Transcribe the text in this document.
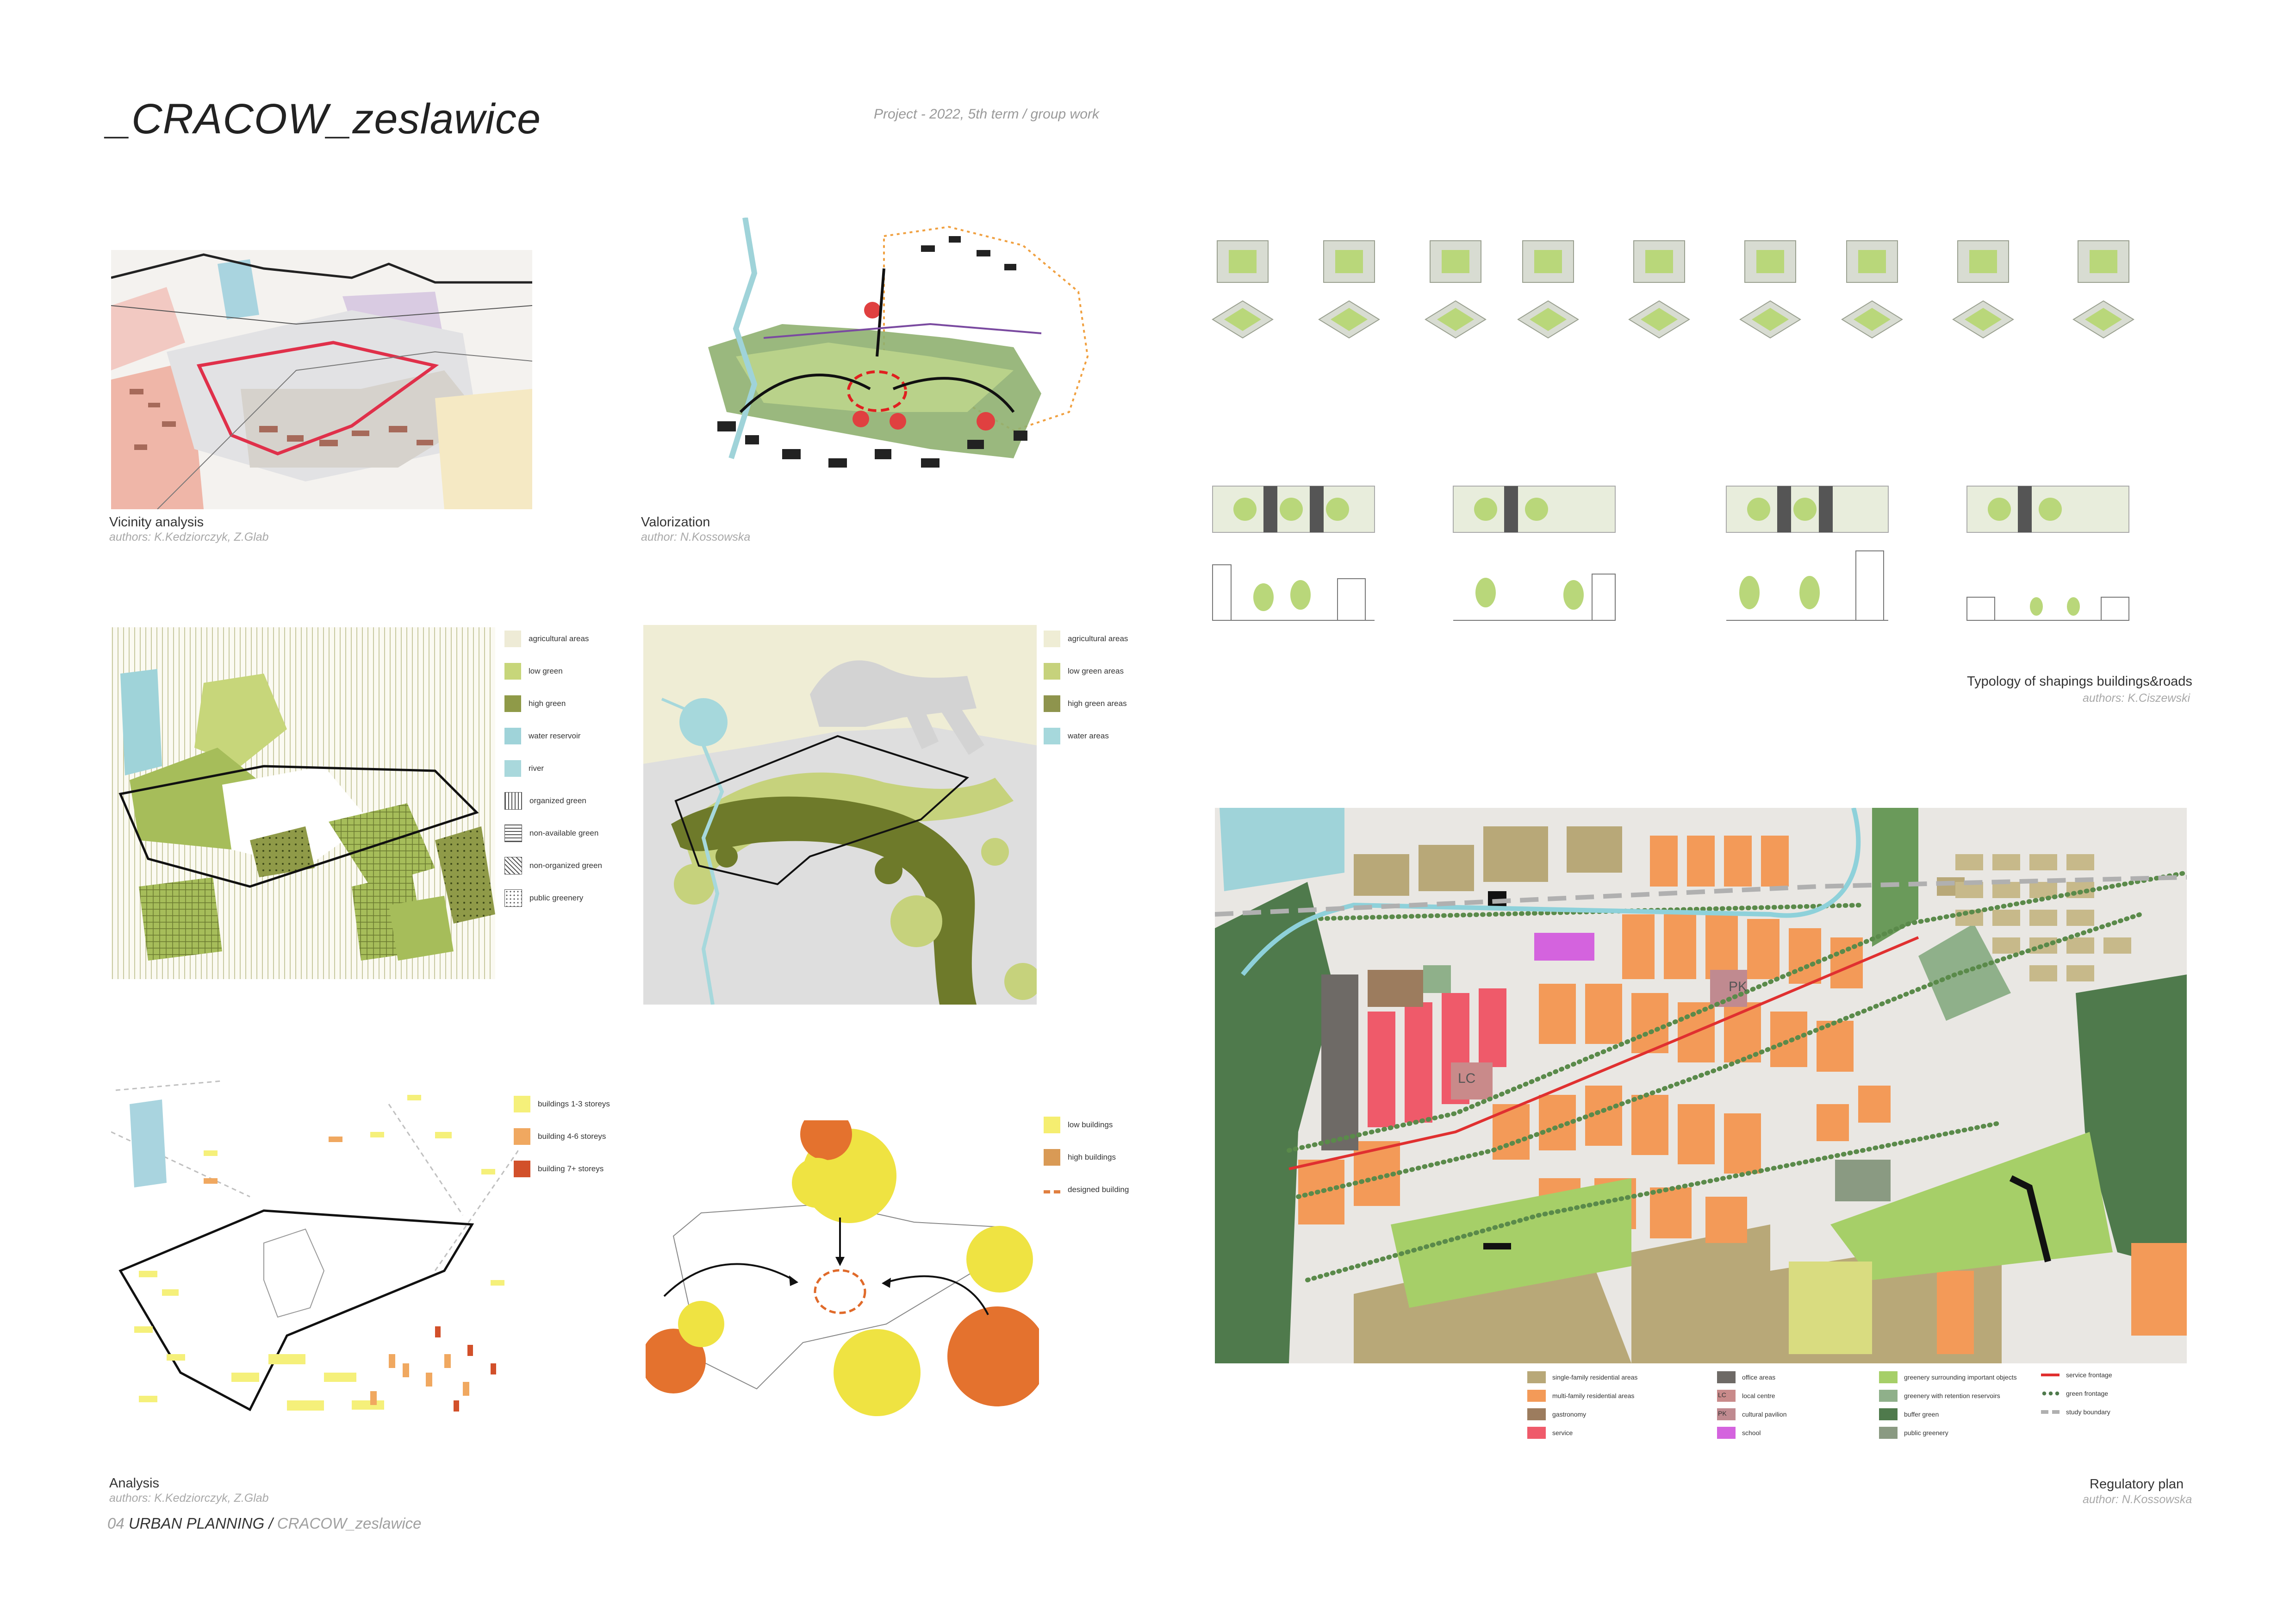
_CRACOW_zeslawice	Project - 2022, 5th term / group work
Vicinity analysis
authors: K.Kedziorczyk, Z.Glab
Valorization
author: N.Kossowska
agricultural areas
low green
high green
water reservoir
river
organized green
non-available green
non-organized green
public greenery
agricultural areas
low green areas
high green areas
water areas
buildings 1-3 storeys
building 4-6 storeys
building 7+ storeys
low buildings
high buildings
designed building
Analysis
authors: K.Kedziorczyk, Z.Glab
Typology of shapings buildings&roads
authors: K.Ciszewski
PK
LC
single-family residential areas
multi-family residential areas
gastronomy
service
office areas
LC local centre
PK cultural pavilion
school
greenery surrounding important objects
greenery with retention reservoirs
buffer green
public greenery
service frontage
green frontage
study boundary
Regulatory plan
author: N.Kossowska
04 URBAN PLANNING / CRACOW_zeslawice
